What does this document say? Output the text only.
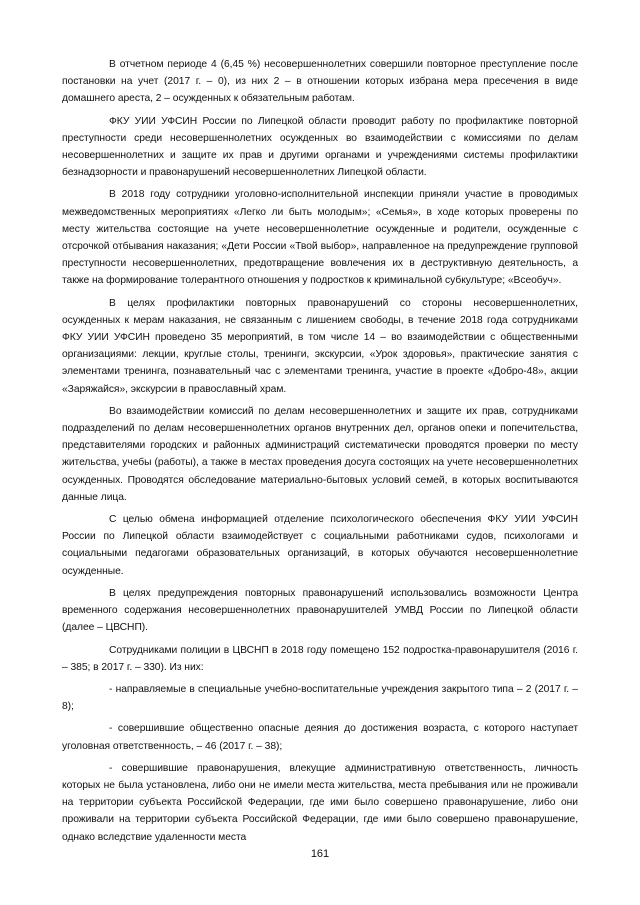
В отчетном периоде 4 (6,45 %) несовершеннолетних совершили повторное преступление после постановки на учет (2017 г. – 0), из них 2 – в отношении которых избрана мера пресечения в виде домашнего ареста, 2 – осужденных к обязательным работам.

ФКУ УИИ УФСИН России по Липецкой области проводит работу по профилактике повторной преступности среди несовершеннолетних осужденных во взаимодействии с комиссиями по делам несовершеннолетних и защите их прав и другими органами и учреждениями системы профилактики безнадзорности и правонарушений несовершеннолетних Липецкой области.

В 2018 году сотрудники уголовно-исполнительной инспекции приняли участие в проводимых межведомственных мероприятиях «Легко ли быть молодым»; «Семья», в ходе которых проверены по месту жительства состоящие на учете несовершеннолетние осужденные и родители, осужденные с отсрочкой отбывания наказания; «Дети России «Твой выбор», направленное на предупреждение групповой преступности несовершеннолетних, предотвращение вовлечения их в деструктивную деятельность, а также на формирование толерантного отношения у подростков к криминальной субкультуре; «Всеобуч».

В целях профилактики повторных правонарушений со стороны несовершеннолетних, осужденных к мерам наказания, не связанным с лишением свободы, в течение 2018 года сотрудниками ФКУ УИИ УФСИН проведено 35 мероприятий, в том числе 14 – во взаимодействии с общественными организациями: лекции, круглые столы, тренинги, экскурсии, «Урок здоровья», практические занятия с элементами тренинга, познавательный час с элементами тренинга, участие в проекте «Добро-48», акции «Заряжайся», экскурсии в православный храм.

Во взаимодействии комиссий по делам несовершеннолетних и защите их прав, сотрудниками подразделений по делам несовершеннолетних органов внутренних дел, органов опеки и попечительства, представителями городских и районных администраций систематически проводятся проверки по месту жительства, учебы (работы), а также в местах проведения досуга состоящих на учете несовершеннолетних осужденных. Проводятся обследование материально-бытовых условий семей, в которых воспитываются данные лица.

С целью обмена информацией отделение психологического обеспечения ФКУ УИИ УФСИН России по Липецкой области взаимодействует с социальными работниками судов, психологами и социальными педагогами образовательных организаций, в которых обучаются несовершеннолетние осужденные.

В целях предупреждения повторных правонарушений использовались возможности Центра временного содержания несовершеннолетних правонарушителей УМВД России по Липецкой области (далее – ЦВСНП).

Сотрудниками полиции в ЦВСНП в 2018 году помещено 152 подростка-правонарушителя (2016 г. – 385; в 2017 г. – 330). Из них:

- направляемые в специальные учебно-воспитательные учреждения закрытого типа – 2 (2017 г. – 8);

- совершившие общественно опасные деяния до достижения возраста, с которого наступает уголовная ответственность, – 46 (2017 г. – 38);

- совершившие правонарушения, влекущие административную ответственность, личность которых не была установлена, либо они не имели места жительства, места пребывания или не проживали на территории субъекта Российской Федерации, где ими было совершено правонарушение, либо они проживали на территории субъекта Российской Федерации, где ими было совершено правонарушение, однако вследствие удаленности места

161
